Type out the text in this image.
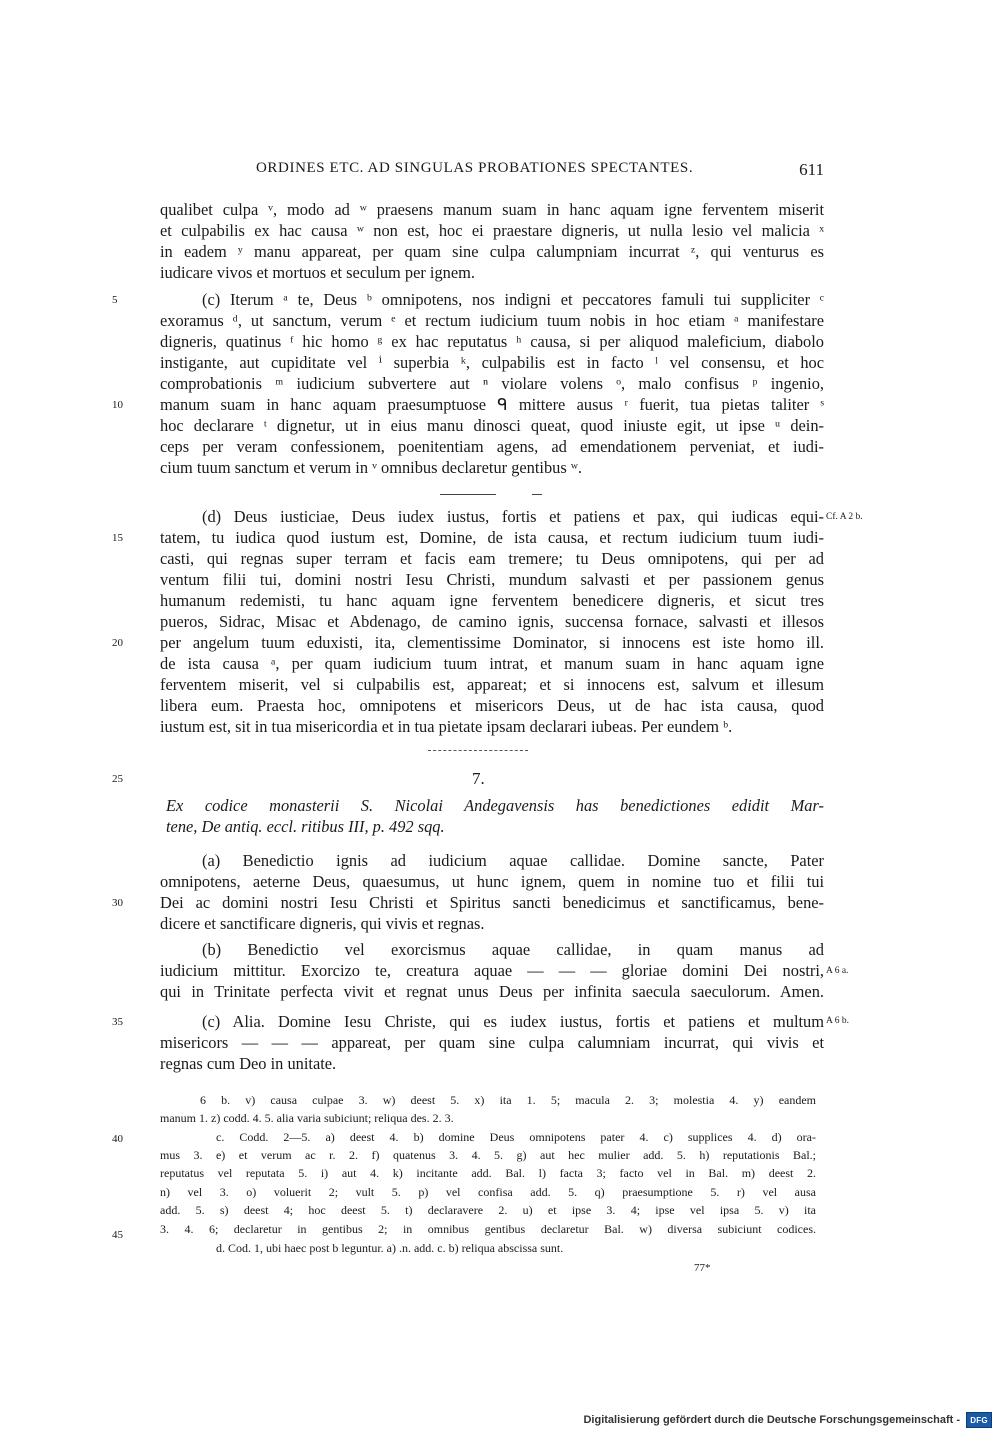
ORDINES ETC. AD SINGULAS PROBATIONES SPECTANTES.	611
qualibet culpa ᵛ, modo ad ʷ praesens manum suam in hanc aquam igne ferventem miserit
et culpabilis ex hac causa ʷ non est, hoc ei praestare digneris, ut nulla lesio vel malicia ˣ
in eadem ʸ manu appareat, per quam sine culpa calumpniam incurrat ᶻ, qui venturus es
iudicare vivos et mortuos et seculum per ignem.
(c) Iterum ᵃ te, Deus ᵇ omnipotens, nos indigni et peccatores famuli tui suppliciter ᶜ
exoramus ᵈ, ut sanctum, verum ᵉ et rectum iudicium tuum nobis in hoc etiam ᵃ manifestare
digneris, quatinus ᶠ hic homo ᵍ ex hac reputatus ʰ causa, si per aliquod maleficium, diabolo
instigante, aut cupiditate vel ⁱ superbia ᵏ, culpabilis est in facto ˡ vel consensu, et hoc
comprobationis ᵐ iudicium subvertere aut ⁿ violare volens ᵒ, malo confisus ᵖ ingenio,
manum suam in hanc aquam praesumptuose ᑫ mittere ausus ʳ fuerit, tua pietas taliter ˢ
hoc declarare ᵗ dignetur, ut in eius manu dinosci queat, quod iniuste egit, ut ipse ᵘ dein-
ceps per veram confessionem, poenitentiam agens, ad emendationem perveniat, et iudi-
cium tuum sanctum et verum in ᵛ omnibus declaretur gentibus ʷ.
(d) Deus iusticiae, Deus iudex iustus, fortis et patiens et pax, qui iudicas equi-
tatem, tu iudica quod iustum est, Domine, de ista causa, et rectum iudicium tuum iudi-
casti, qui regnas super terram et facis eam tremere; tu Deus omnipotens, qui per ad
ventum filii tui, domini nostri Iesu Christi, mundum salvasti et per passionem genus
humanum redemisti, tu hanc aquam igne ferventem benedicere digneris, et sicut tres
pueros, Sidrac, Misac et Abdenago, de camino ignis, succensa fornace, salvasti et illesos
per angelum tuum eduxisti, ita, clementissime Dominator, si innocens est iste homo ill.
de ista causa ᵃ, per quam iudicium tuum intrat, et manum suam in hanc aquam igne
ferventem miserit, vel si culpabilis est, appareat; et si innocens est, salvum et illesum
libera eum. Praesta hoc, omnipotens et misericors Deus, ut de hac ista causa, quod
iustum est, sit in tua misericordia et in tua pietate ipsam declarari iubeas. Per eundem ᵇ.
7.
Ex codice monasterii S. Nicolai Andegavensis has benedictiones edidit Mar-
tene, De antiq. eccl. ritibus III, p. 492 sqq.
(a) Benedictio ignis ad iudicium aquae callidae. Domine sancte, Pater
omnipotens, aeterne Deus, quaesumus, ut hunc ignem, quem in nomine tuo et filii tui
Dei ac domini nostri Iesu Christi et Spiritus sancti benedicimus et sanctificamus, bene-
dicere et sanctificare digneris, qui vivis et regnas.
(b) Benedictio vel exorcismus aquae callidae, in quam manus ad
iudicium mittitur. Exorcizo te, creatura aquae — — — gloriae domini Dei nostri,
qui in Trinitate perfecta vivit et regnat unus Deus per infinita saecula saeculorum. Amen.
(c) Alia. Domine Iesu Christe, qui es iudex iustus, fortis et patiens et multum
misericors — — — appareat, per quam sine culpa calumniam incurrat, qui vivis et
regnas cum Deo in unitate.
5
10
15
20
25
30
35
40
45
Cf. A 2 b.
A 6 a.
A 6 b.
6 b. v) causa culpae 3. w) deest 5. x) ita 1. 5; macula 2. 3; molestia 4. y) eandem
manum 1. z) codd. 4. 5. alia varia subiciunt; reliqua des. 2. 3.
c. Codd. 2—5. a) deest 4. b) domine Deus omnipotens pater 4. c) supplices 4. d) ora-
mus 3. e) et verum ac r. 2. f) quatenus 3. 4. 5. g) aut hec mulier add. 5. h) reputationis Bal.;
reputatus vel reputata 5. i) aut 4. k) incitante add. Bal. l) facta 3; facto vel in Bal. m) deest 2.
n) vel 3. o) voluerit 2; vult 5. p) vel confisa add. 5. q) praesumptione 5. r) vel ausa
add. 5. s) deest 4; hoc deest 5. t) declaravere 2. u) et ipse 3. 4; ipse vel ipsa 5. v) ita
3. 4. 6; declaretur in gentibus 2; in omnibus gentibus declaretur Bal. w) diversa subiciunt codices.
d. Cod. 1, ubi haec post b leguntur. a) .n. add. c. b) reliqua abscissa sunt.
77*
Digitalisierung gefördert durch die Deutsche Forschungsgemeinschaft - DFG
